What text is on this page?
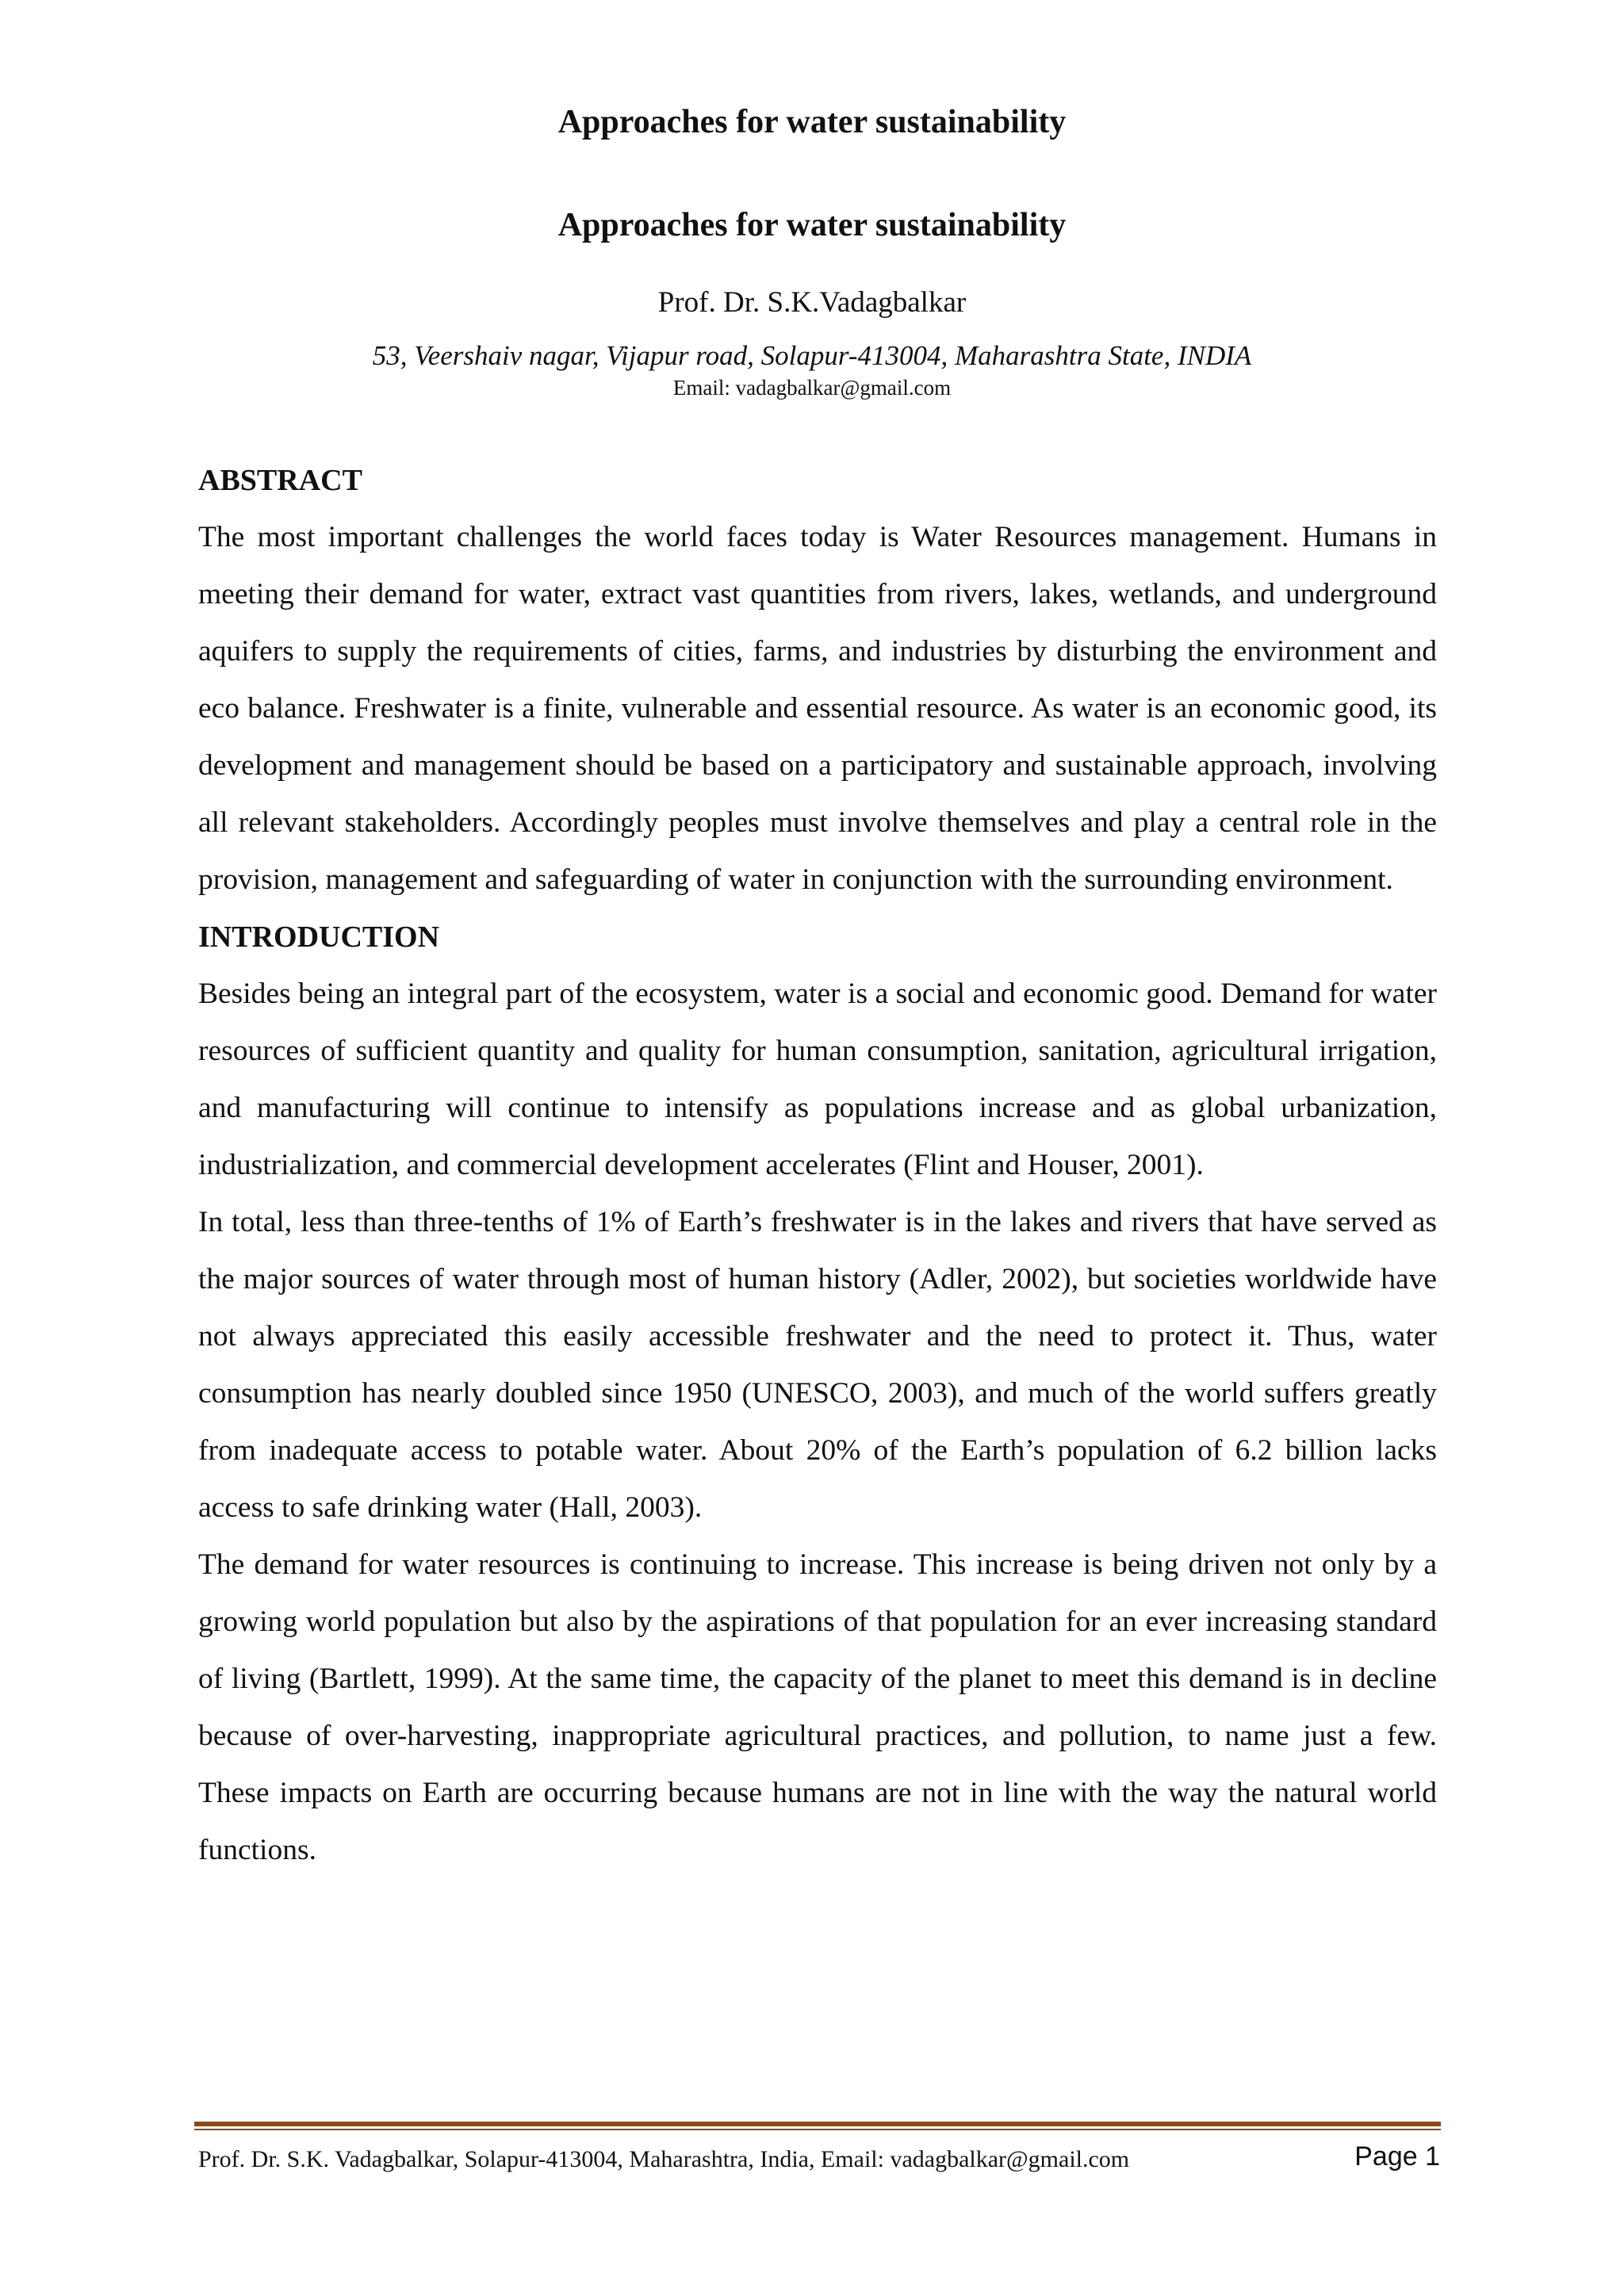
Approaches for water sustainability
Approaches for water sustainability
Prof. Dr. S.K.Vadagbalkar
53, Veershaiv nagar, Vijapur road, Solapur-413004, Maharashtra State, INDIA
Email: vadagbalkar@gmail.com
ABSTRACT

The most important challenges the world faces today is Water Resources management. Humans in meeting their demand for water, extract vast quantities from rivers, lakes, wetlands, and underground aquifers to supply the requirements of cities, farms, and industries by disturbing the environment and eco balance. Freshwater is a finite, vulnerable and essential resource. As water is an economic good, its development and management should be based on a participatory and sustainable approach, involving all relevant stakeholders. Accordingly peoples must involve themselves and play a central role in the provision, management and safeguarding of water in conjunction with the surrounding environment.

INTRODUCTION

Besides being an integral part of the ecosystem, water is a social and economic good. Demand for water resources of sufficient quantity and quality for human consumption, sanitation, agricultural irrigation, and manufacturing will continue to intensify as populations increase and as global urbanization, industrialization, and commercial development accelerates (Flint and Houser, 2001).

In total, less than three-tenths of 1% of Earth’s freshwater is in the lakes and rivers that have served as the major sources of water through most of human history (Adler, 2002), but societies worldwide have not always appreciated this easily accessible freshwater and the need to protect it. Thus, water consumption has nearly doubled since 1950 (UNESCO, 2003), and much of the world suffers greatly from inadequate access to potable water. About 20% of the Earth’s population of 6.2 billion lacks access to safe drinking water (Hall, 2003).

The demand for water resources is continuing to increase. This increase is being driven not only by a growing world population but also by the aspirations of that population for an ever increasing standard of living (Bartlett, 1999). At the same time, the capacity of the planet to meet this demand is in decline because of over-harvesting, inappropriate agricultural practices, and pollution, to name just a few. These impacts on Earth are occurring because humans are not in line with the way the natural world functions.

Prof. Dr. S.K. Vadagbalkar, Solapur-413004, Maharashtra, India, Email: vadagbalkar@gmail.com	Page 1
